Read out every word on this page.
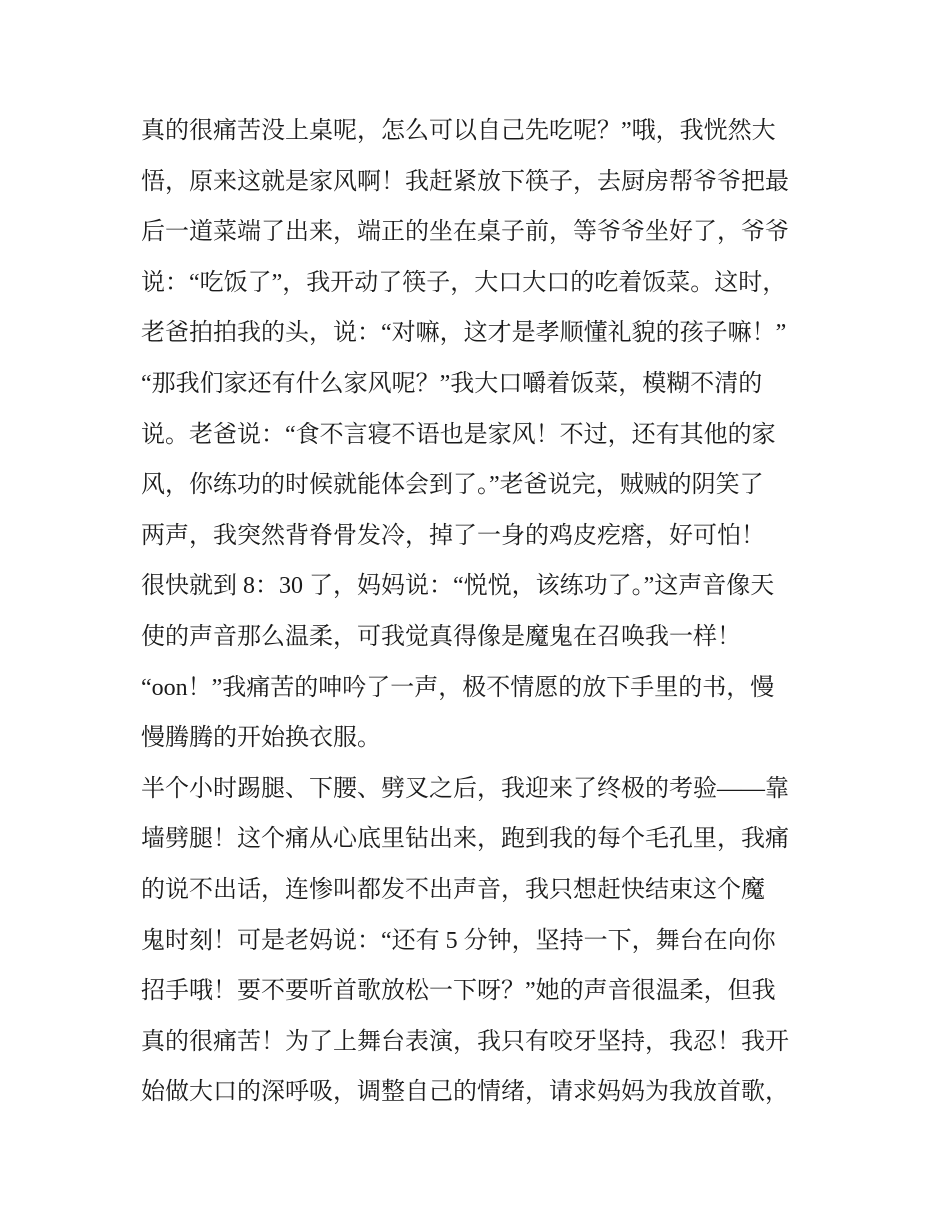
真的很痛苦没上桌呢，怎么可以自己先吃呢？”哦，我恍然大
悟，原来这就是家风啊！我赶紧放下筷子，去厨房帮爷爷把最
后一道菜端了出来，端正的坐在桌子前，等爷爷坐好了，爷爷
说：“吃饭了”，我开动了筷子，大口大口的吃着饭菜。这时，
老爸拍拍我的头，说：“对嘛，这才是孝顺懂礼貌的孩子嘛！”
“那我们家还有什么家风呢？”我大口嚼着饭菜，模糊不清的
说。老爸说：“食不言寝不语也是家风！不过，还有其他的家
风，你练功的时候就能体会到了。”老爸说完，贼贼的阴笑了
两声，我突然背脊骨发冷，掉了一身的鸡皮疙瘩，好可怕！
很快就到 8：30 了，妈妈说：“悦悦，该练功了。”这声音像天
使的声音那么温柔，可我觉真得像是魔鬼在召唤我一样！
“oon！”我痛苦的呻吟了一声，极不情愿的放下手里的书，慢
慢腾腾的开始换衣服。
半个小时踢腿、下腰、劈叉之后，我迎来了终极的考验——靠
墙劈腿！这个痛从心底里钻出来，跑到我的每个毛孔里，我痛
的说不出话，连惨叫都发不出声音，我只想赶快结束这个魔
鬼时刻！可是老妈说：“还有 5 分钟，坚持一下，舞台在向你
招手哦！要不要听首歌放松一下呀？”她的声音很温柔，但我
真的很痛苦！为了上舞台表演，我只有咬牙坚持，我忍！我开
始做大口的深呼吸，调整自己的情绪，请求妈妈为我放首歌，
